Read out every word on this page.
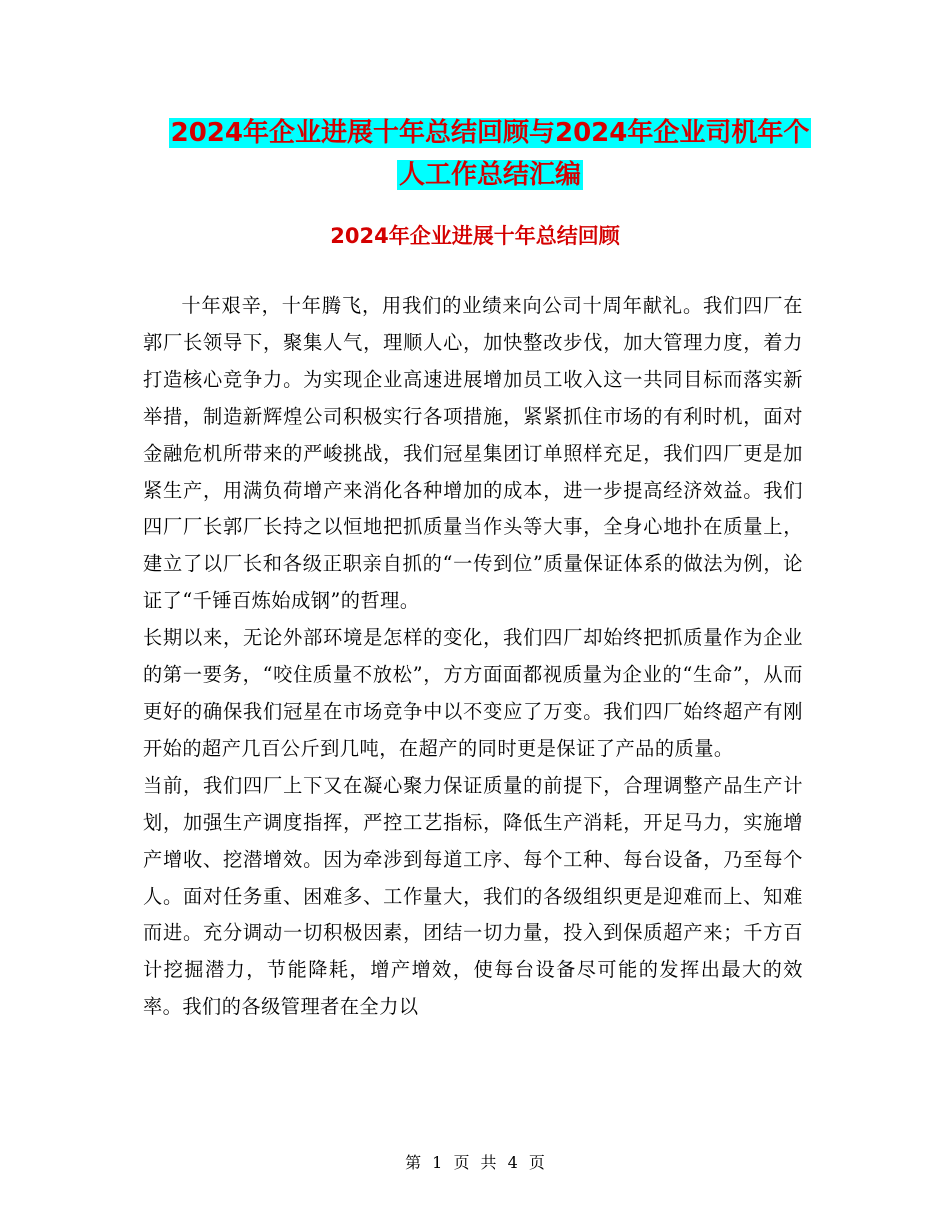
2024年企业进展十年总结回顾与2024年企业司机年个
人工作总结汇编
2024年企业进展十年总结回顾

十年艰辛，十年腾飞，用我们的业绩来向公司十周年献礼。我们四厂在郭厂长领导下，聚集人气，理顺人心，加快整改步伐，加大管理力度，着力打造核心竞争力。为实现企业高速进展增加员工收入这一共同目标而落实新举措，制造新辉煌公司积极实行各项措施，紧紧抓住市场的有利时机，面对金融危机所带来的严峻挑战，我们冠星集团订单照样充足，我们四厂更是加紧生产，用满负荷增产来消化各种增加的成本，进一步提高经济效益。我们四厂厂长郭厂长持之以恒地把抓质量当作头等大事，全身心地扑在质量上，建立了以厂长和各级正职亲自抓的“一传到位”质量保证体系的做法为例，论证了“千锤百炼始成钢”的哲理。

长期以来，无论外部环境是怎样的变化，我们四厂却始终把抓质量作为企业的第一要务，“咬住质量不放松”，方方面面都视质量为企业的“生命”，从而更好的确保我们冠星在市场竞争中以不变应了万变。我们四厂始终超产有刚开始的超产几百公斤到几吨，在超产的同时更是保证了产品的质量。

当前，我们四厂上下又在凝心聚力保证质量的前提下，合理调整产品生产计划，加强生产调度指挥，严控工艺指标，降低生产消耗，开足马力，实施增产增收、挖潜增效。因为牵涉到每道工序、每个工种、每台设备，乃至每个人。面对任务重、困难多、工作量大，我们的各级组织更是迎难而上、知难而进。充分调动一切积极因素，团结一切力量，投入到保质超产来；千方百计挖掘潜力，节能降耗，增产增效，使每台设备尽可能的发挥出最大的效率。我们的各级管理者在全力以

第 1 页 共 4 页
